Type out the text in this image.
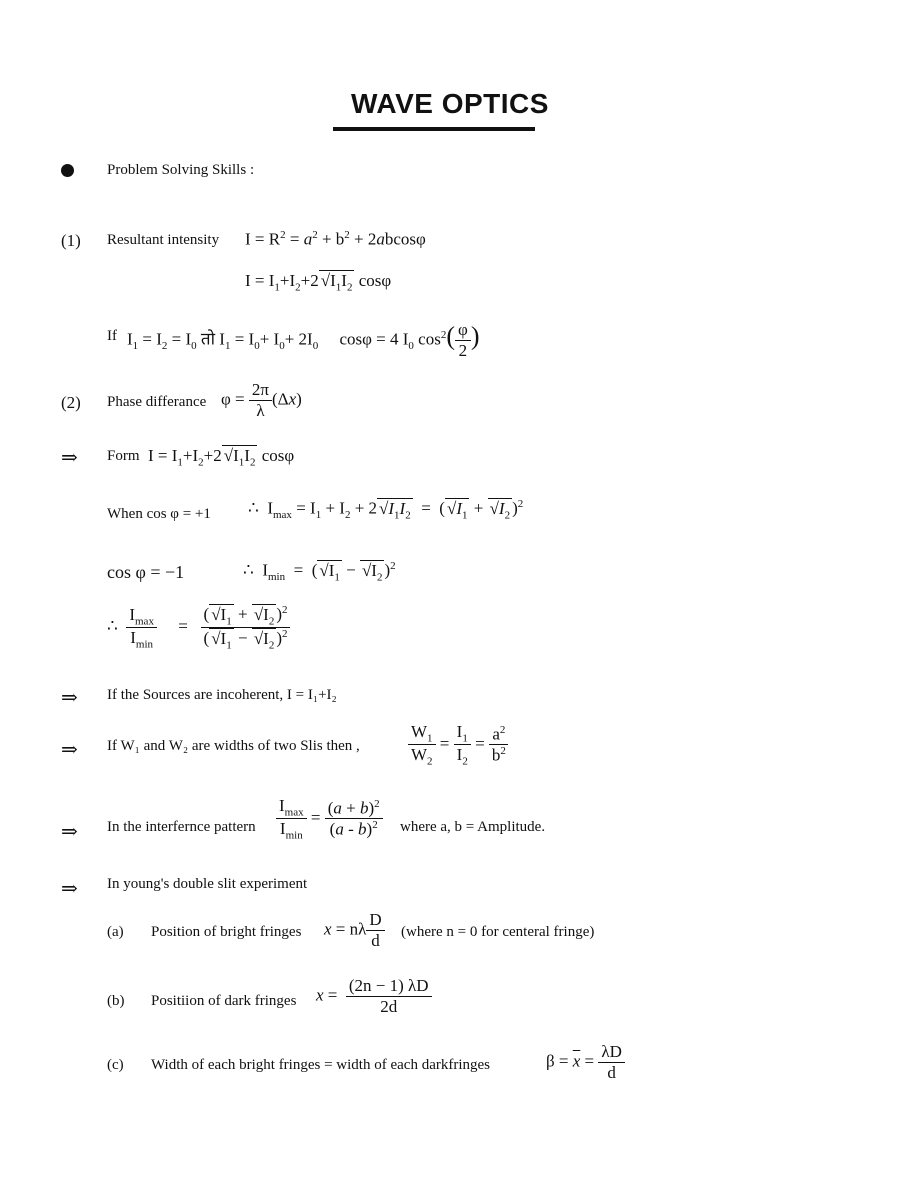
WAVE OPTICS
Problem Solving Skills :
(1) Resultant intensity $I = R^2 = a^2 + b^2 + 2abcos\varphi$
$I = I_1+I_2+2$ $√I_1I_2$ cosφ
If $I_1 = I_2 = I_0$ तो $I_1 = I_0+ I_0+ 2I_0$     cosφ = 4 $I_0$ $\cos^2( \frac{\varphi}{2}$ )
(2) Phase differance $\varphi = \frac{2\pi}{\lambda} (\Delta x)$
⇒ Form $I = I_1+I_2+2$ $√I_1I_2$ cosφ
When cos φ = +1 ∴  $I_{max} = I_1 + I_2 + 2$ $√I_1I_2$  =  ( $√I_1 + √I_2$ )$^2$
cos φ = −1	∴  $I_{min}$  =  ( $√I_1 - √I_2$ )$^2$
∴ $\frac{I_{max}}{I_{min}} = \frac{( √I_1 + √I_2 )^2}{( √I_1 - √I_2 )^2}$
⇒ If the Sources are incoherent, I = I₁+I₂
⇒ If W₁ and W₂ are widths of two Slis then ,	$\frac{W_1}{W_2} = \frac{I_1}{I_2} = \frac{a^2}{b^2}$
⇒ In the interfernce pattern $\frac{I_{max}}{I_{min}} = \frac{(a + b)^2}{(a - b)^2}$ where a, b = Amplitude.
⇒ In young's double slit experiment
(a) Position of bright fringes x = nλ $\frac{D}{d}$ (where n = 0 for centeral fringe)
(b) Positiion of dark fringes $x = \frac{(2n - 1) \lambda D}{2d}$
(c) Width of each bright fringes = width of each darkfringes	$\beta = \overline{x} = \frac{\lambda D}{d}$
